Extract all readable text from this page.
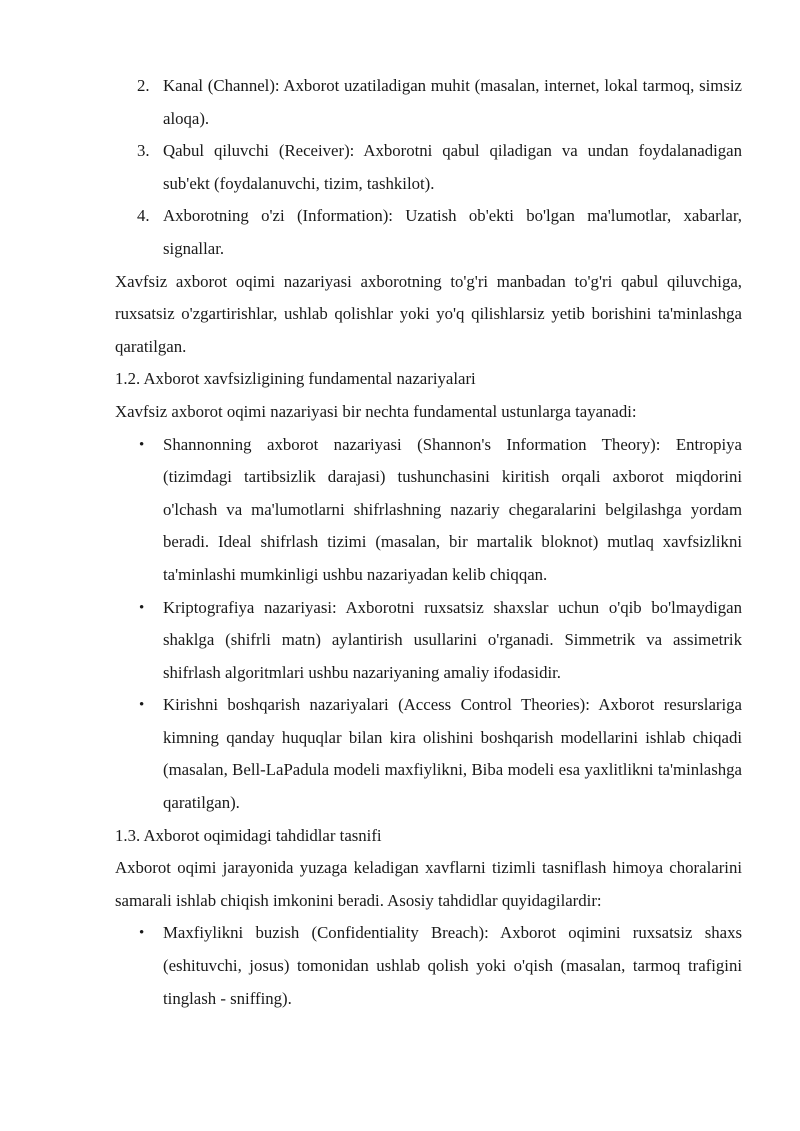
2. Kanal (Channel): Axborot uzatiladigan muhit (masalan, internet, lokal tarmoq, simsiz aloqa).
3. Qabul qiluvchi (Receiver): Axborotni qabul qiladigan va undan foydalanadigan sub'ekt (foydalanuvchi, tizim, tashkilot).
4. Axborotning o'zi (Information): Uzatish ob'ekti bo'lgan ma'lumotlar, xabarlar, signallar.

Xavfsiz axborot oqimi nazariyasi axborotning to'g'ri manbadan to'g'ri qabul qiluvchiga, ruxsatsiz o'zgartirishlar, ushlab qolishlar yoki yo'q qilishlarsiz yetib borishini ta'minlashga qaratilgan.

1.2. Axborot xavfsizligining fundamental nazariyalari

Xavfsiz axborot oqimi nazariyasi bir nechta fundamental ustunlarga tayanadi:

• Shannonning axborot nazariyasi (Shannon's Information Theory): Entropiya (tizimdagi tartibsizlik darajasi) tushunchasini kiritish orqali axborot miqdorini o'lchash va ma'lumotlarni shifrlashning nazariy chegaralarini belgilashga yordam beradi. Ideal shifrlash tizimi (masalan, bir martalik bloknot) mutlaq xavfsizlikni ta'minlashi mumkinligi ushbu nazariyadan kelib chiqqan.
• Kriptografiya nazariyasi: Axborotni ruxsatsiz shaxslar uchun o'qib bo'lmaydigan shaklga (shifrli matn) aylantirish usullarini o'rganadi. Simmetrik va assimetrik shifrlash algoritmlari ushbu nazariyaning amaliy ifodasidir.
• Kirishni boshqarish nazariyalari (Access Control Theories): Axborot resurslariga kimning qanday huquqlar bilan kira olishini boshqarish modellarini ishlab chiqadi (masalan, Bell-LaPadula modeli maxfiylikni, Biba modeli esa yaxlitlikni ta'minlashga qaratilgan).
1.3. Axborot oqimidagi tahdidlar tasnifi

Axborot oqimi jarayonida yuzaga keladigan xavflarni tizimli tasniflash himoya choralarini samarali ishlab chiqish imkonini beradi. Asosiy tahdidlar quyidagilardir:

• Maxfiylikni buzish (Confidentiality Breach): Axborot oqimini ruxsatsiz shaxs (eshituvchi, josus) tomonidan ushlab qolish yoki o'qish (masalan, tarmoq trafigini tinglash - sniffing).
